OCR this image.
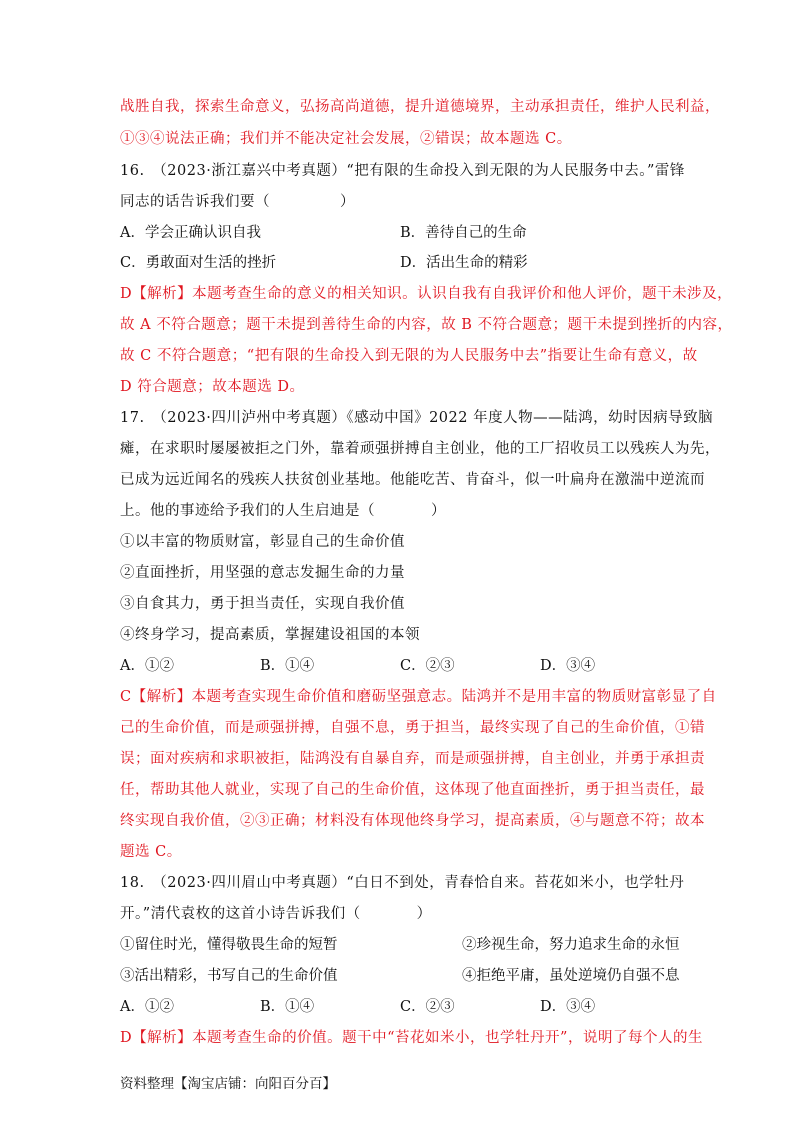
战胜自我，探索生命意义，弘扬高尚道德，提升道德境界，主动承担责任，维护人民利益，
①③④说法正确；我们并不能决定社会发展，②错误；故本题选 C。
16.　（2023·浙江嘉兴中考真题）“把有限的生命投入到无限的为人民服务中去。”雷锋
同志的话告诉我们要（	）
A．学会正确认识自我	B．善待自己的生命
C．勇敢面对生活的挫折	D．活出生命的精彩
D【解析】本题考查生命的意义的相关知识。认识自我有自我评价和他人评价，题干未涉及，
故 A 不符合题意；题干未提到善待生命的内容，故 B 不符合题意；题干未提到挫折的内容，
故 C 不符合题意；“把有限的生命投入到无限的为人民服务中去”指要让生命有意义，故
D 符合题意；故本题选 D。
17.　（2023·四川泸州中考真题）《感动中国》2022 年度人物——陆鸿，幼时因病导致脑
瘫，在求职时屡屡被拒之门外，靠着顽强拼搏自主创业，他的工厂招收员工以残疾人为先，
已成为远近闻名的残疾人扶贫创业基地。他能吃苦、肯奋斗，似一叶扁舟在激湍中逆流而
上。他的事迹给予我们的人生启迪是（	）
①以丰富的物质财富，彰显自己的生命价值
②直面挫折，用坚强的意志发掘生命的力量
③自食其力，勇于担当责任，实现自我价值
④终身学习，提高素质，掌握建设祖国的本领
A．①②	B．①④	C．②③	D．③④
C【解析】本题考查实现生命价值和磨砺坚强意志。陆鸿并不是用丰富的物质财富彰显了自
己的生命价值，而是顽强拼搏，自强不息，勇于担当，最终实现了自己的生命价值，①错
误；面对疾病和求职被拒，陆鸿没有自暴自弃，而是顽强拼搏，自主创业，并勇于承担责
任，帮助其他人就业，实现了自己的生命价值，这体现了他直面挫折，勇于担当责任，最
终实现自我价值，②③正确；材料没有体现他终身学习，提高素质，④与题意不符；故本
题选 C。
18.　（2023·四川眉山中考真题）“白日不到处，青春恰自来。苔花如米小，也学牡丹
开。”清代袁枚的这首小诗告诉我们（	）
①留住时光，懂得敬畏生命的短暂	②珍视生命，努力追求生命的永恒
③活出精彩，书写自己的生命价值	④拒绝平庸，虽处逆境仍自强不息
A．①②	B．①④	C．②③	D．③④
D【解析】本题考查生命的价值。题干中“苔花如米小，也学牡丹开”，说明了每个人的生
资料整理【淘宝店铺：向阳百分百】
